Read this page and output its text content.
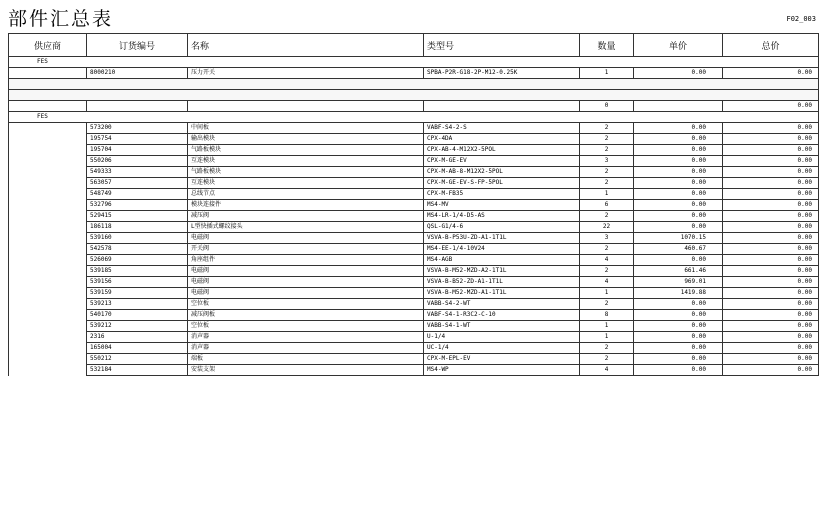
部件汇总表	F02_003
供应商	订货编号	名称	类型号	数量	单价	总价
FES						
	8000210	压力开关	SPBA-P2R-G18-2P-M12-0.25K	1	0.00	0.00

				0		0.00
FES						
	573200	中间板	VABF-S4-2-S	2	0.00	0.00
	195754	输出模块	CPX-4DA	2	0.00	0.00
	195704	气路板模块	CPX-AB-4-M12X2-5POL	2	0.00	0.00
	550206	互连模块	CPX-M-GE-EV	3	0.00	0.00
	549333	气路板模块	CPX-M-AB-8-M12X2-5POL	2	0.00	0.00
	563057	互连模块	CPX-M-GE-EV-S-FP-5POL	2	0.00	0.00
	548749	总线节点	CPX-M-FB35	1	0.00	0.00
	532796	模块连接件	MS4-MV	6	0.00	0.00
	529415	减压阀	MS4-LR-1/4-D5-AS	2	0.00	0.00
	186118	L型快插式螺纹接头	QSL-G1/4-6	22	0.00	0.00
	539160	电磁阀	VSVA-B-P53U-ZD-A1-1T1L	3	1070.15	0.00
	542578	开关阀	MS4-EE-1/4-10V24	2	460.67	0.00
	526069	角座组件	MS4-AGB	4	0.00	0.00
	539185	电磁阀	VSVA-B-M52-MZD-A2-1T1L	2	661.46	0.00
	539156	电磁阀	VSVA-B-B52-ZD-A1-1T1L	4	969.01	0.00
	539159	电磁阀	VSVA-B-M52-MZD-A1-1T1L	1	1419.88	0.00
	539213	空位板	VABB-S4-2-WT	2	0.00	0.00
	540170	减压阀板	VABF-S4-1-R3C2-C-10	8	0.00	0.00
	539212	空位板	VABB-S4-1-WT	1	0.00	0.00
	2316	消声器	U-1/4	1	0.00	0.00
	165004	消声器	UC-1/4	2	0.00	0.00
	550212	端板	CPX-M-EPL-EV	2	0.00	0.00
	532184	安装支架	MS4-WP	4	0.00	0.00
